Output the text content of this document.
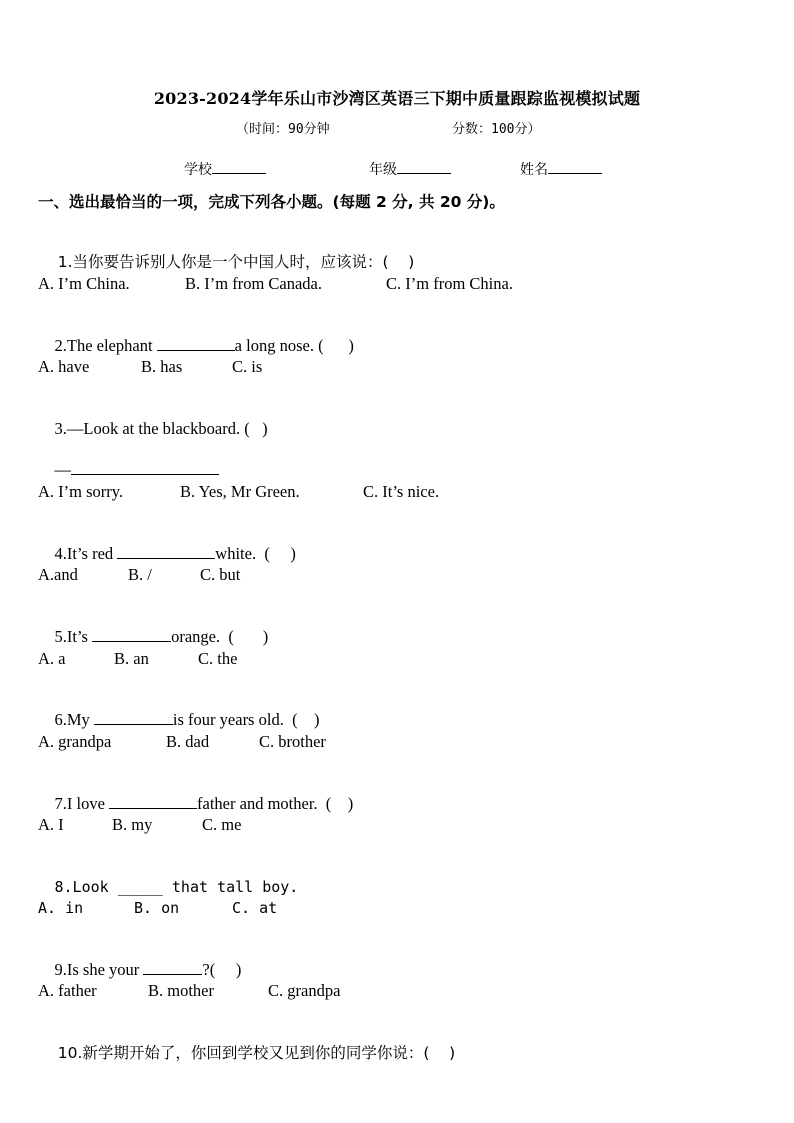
2023-2024学年乐山市沙湾区英语三下期中质量跟踪监视模拟试题
（时间：90分钟	分数：100分）
学校	年级	姓名
一、选出最恰当的一项，完成下列各小题。(每题 2 分, 共 20 分)。

1.当你要告诉别人你是一个中国人时，应该说：(    )

A. I’m China.	B. I’m from Canada.	C. I’m from China.

2.The elephant	a long nose. (      )

A. have	B. has	C. is

3.—Look at the blackboard. (   )

—

A. I’m sorry.	B. Yes, Mr Green.	C. It’s nice.

4.It’s red	white.  (     )

A.and	B. /	C. but

5.It’s	orange.  (       )

A. a	B. an	C. the

6.My	is four years old.  (    )

A. grandpa	B. dad	C. brother

7.I love	father and mother.  (    )

A. I	B. my	C. me

8.Look _____ that tall boy.

A. in	B. on	C. at

9.Is she your	?(     )

A. father	B. mother	C. grandpa

10.新学期开始了，你回到学校又见到你的同学你说：(    )
